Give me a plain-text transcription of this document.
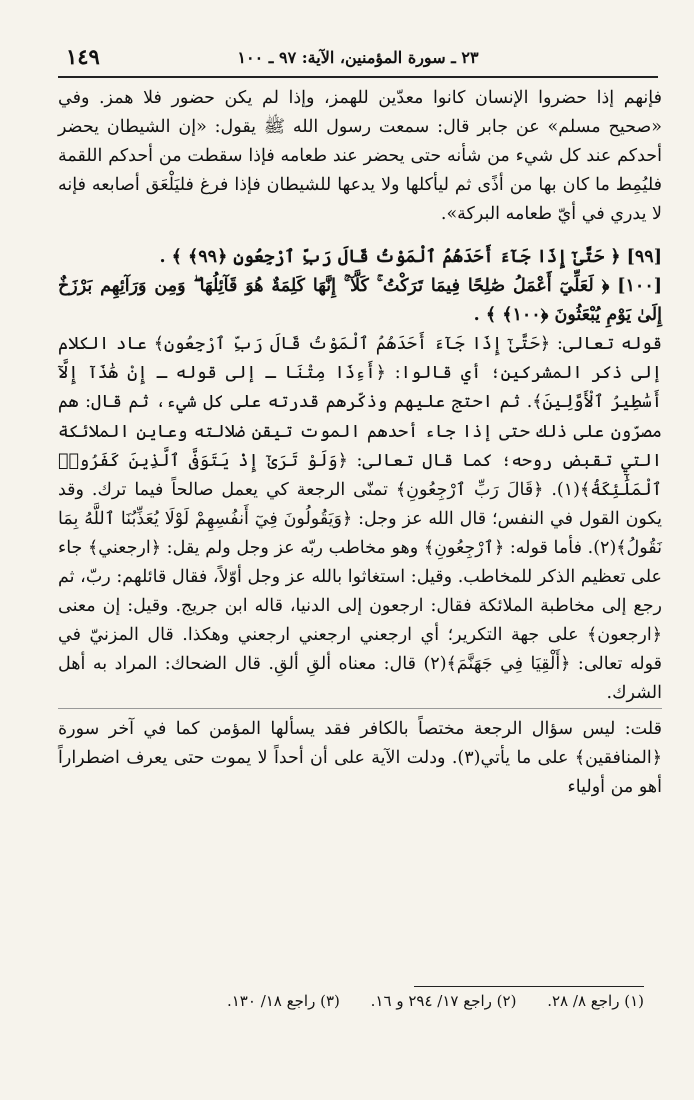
١٤٩	٢٣ ـ سورة المؤمنين، الآية: ٩٧ ـ ١٠٠

فإنهم إذا حضروا الإنسان كانوا معدّين للهمز، وإذا لم يكن حضور فلا همز. وفي «صحيح مسلم» عن جابر قال: سمعت رسول الله ﷺ يقول: «إن الشيطان يحضر أحدكم عند كل شيء من شأنه حتى يحضر عند طعامه فإذا سقطت من أحدكم اللقمة فليُمِط ما كان بها من أذًى ثم ليأكلها ولا يدعها للشيطان فإذا فرغ فليَلْعَق أصابعه فإنه لا يدري في أيّ طعامه البركة».

[٩٩] ﴿ حَتَّىٰٓ إِذَا جَآءَ أَحَدَهُمُ ٱلْمَوْتُ قَالَ رَبِّ ٱرْجِعُونِ ﴿٩٩﴾ ﴾ .

[١٠٠] ﴿ لَعَلِّيٓ أَعْمَلُ صَٰلِحًا فِيمَا تَرَكْتُ ۚ كَلَّآ ۚ إِنَّهَا كَلِمَةٌ هُوَ قَآئِلُهَا ۖ وَمِن وَرَآئِهِم بَرْزَخٌ إِلَىٰ يَوْمِ يُبْعَثُونَ ﴿١٠٠﴾ ﴾ .

قوله تعالى: ﴿حَتَّىٰٓ إِذَا جَآءَ أَحَدَهُمُ ٱلْمَوْتُ قَالَ رَبِّ ٱرْجِعُونِ﴾ عاد الكلام إلى ذكر المشركين؛ أي قالوا: ﴿أَءِذَا مِتْنَا ـ إلى قوله ـ إِنْ هَٰذَآ إِلَّآ أَسَٰطِيرُ ٱلْأَوَّلِينَ﴾. ثم احتج عليهم وذكّرهم قدرته على كل شيء، ثم قال: هم مصرّون على ذلك حتى إذا جاء أحدهم الموت تيقن ضلالته وعاين الملائكة التي تقبض روحه؛ كما قال تعالى: ﴿وَلَوْ تَرَىٰٓ إِذْ يَتَوَفَّى ٱلَّذِينَ كَفَرُوا۟ ٱلْمَلَٰٓئِكَةُ﴾(١). ﴿قَالَ رَبِّ ٱرْجِعُونِ﴾ تمنّى الرجعة كي يعمل صالحاً فيما ترك. وقد يكون القول في النفس؛ قال الله عز وجل: ﴿وَيَقُولُونَ فِيٓ أَنفُسِهِمْ لَوْلَا يُعَذِّبُنَا ٱللَّهُ بِمَا نَقُولُ﴾(٢). فأما قوله: ﴿ٱرْجِعُونِ﴾ وهو مخاطب ربّه عز وجل ولم يقل: ﴿ارجعني﴾ جاء على تعظيم الذكر للمخاطب. وقيل: استغاثوا بالله عز وجل أوّلاً، فقال قائلهم: ربّ، ثم رجع إلى مخاطبة الملائكة فقال: ارجعون إلى الدنيا، قاله ابن جريج. وقيل: إن معنى ﴿ارجعون﴾ على جهة التكرير؛ أي ارجعني ارجعني ارجعني وهكذا. قال المزنيّ في قوله تعالى: ﴿أَلْقِيَا فِي جَهَنَّمَ﴾(٢) قال: معناه ألقِ ألقِ. قال الضحاك: المراد به أهل الشرك.

قلت: ليس سؤال الرجعة مختصاً بالكافر فقد يسألها المؤمن كما في آخر سورة ﴿المنافقين﴾ على ما يأتي(٣). ودلت الآية على أن أحداً لا يموت حتى يعرف اضطراراً أهو من أولياء

(١) راجع ٨/ ٢٨. (٢) راجع ١٧/ ٢٩٤ و ١٦. (٣) راجع ١٨/ ١٣٠.
